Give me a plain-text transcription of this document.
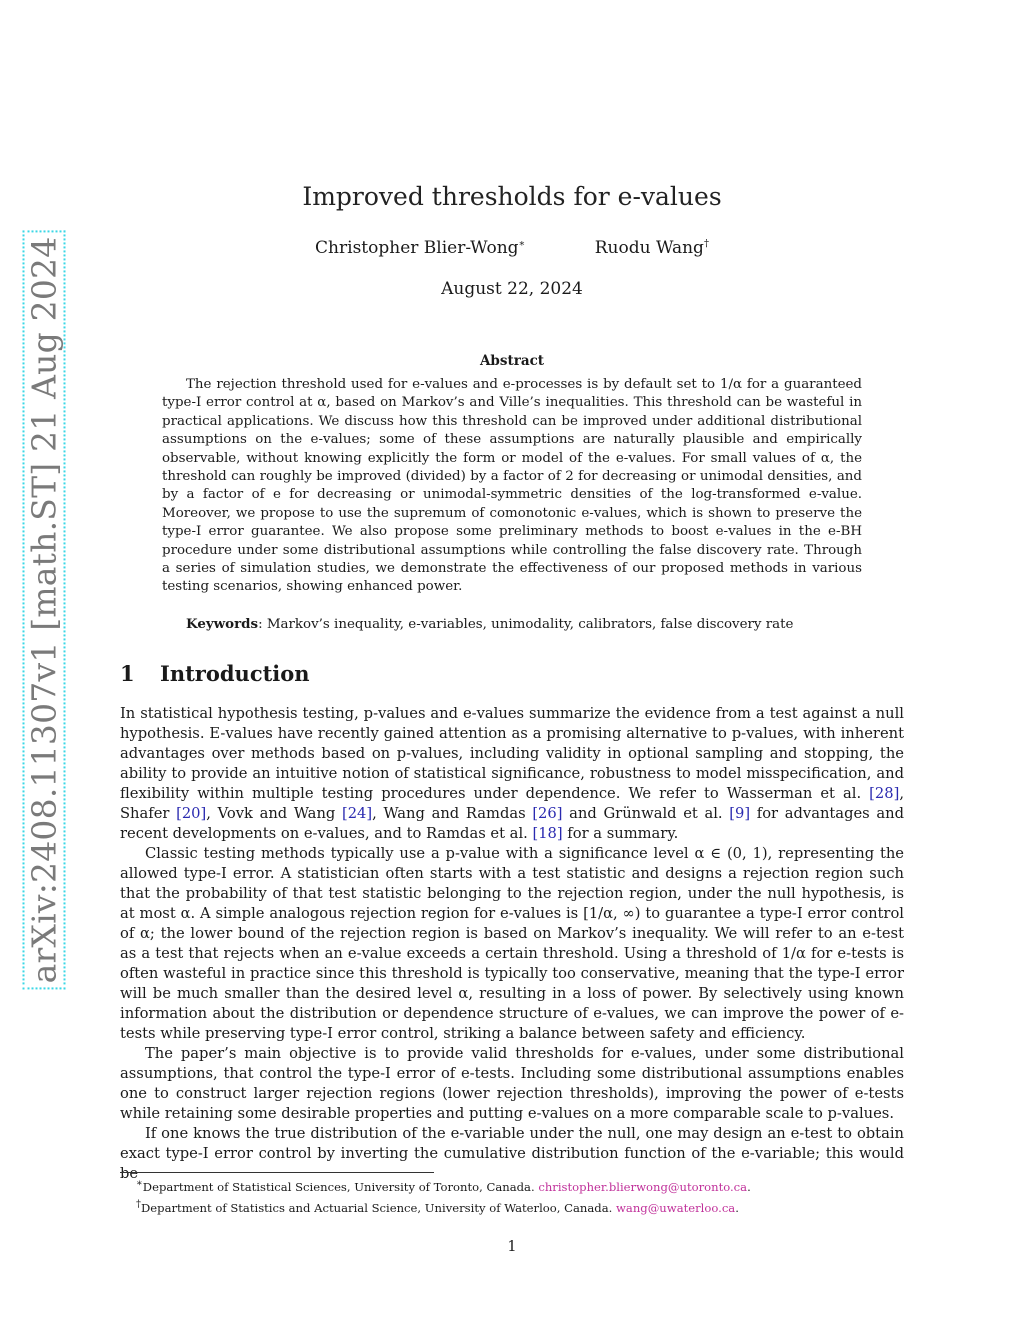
arXiv:2408.11307v1 [math.ST] 21 Aug 2024
Improved thresholds for e-values
Christopher Blier-Wong∗	Ruodu Wang†
August 22, 2024
Abstract
The rejection threshold used for e-values and e-processes is by default set to 1/α for a guaranteed type-I error control at α, based on Markov’s and Ville’s inequalities. This threshold can be wasteful in practical applications. We discuss how this threshold can be improved under additional distributional assumptions on the e-values; some of these assumptions are naturally plausible and empirically observable, without knowing explicitly the form or model of the e-values. For small values of α, the threshold can roughly be improved (divided) by a factor of 2 for decreasing or unimodal densities, and by a factor of e for decreasing or unimodal-symmetric densities of the log-transformed e-value. Moreover, we propose to use the supremum of comonotonic e-values, which is shown to preserve the type-I error guarantee. We also propose some preliminary methods to boost e-values in the e-BH procedure under some distributional assumptions while controlling the false discovery rate. Through a series of simulation studies, we demonstrate the effectiveness of our proposed methods in various testing scenarios, showing enhanced power.
Keywords: Markov’s inequality, e-variables, unimodality, calibrators, false discovery rate
1 Introduction

In statistical hypothesis testing, p-values and e-values summarize the evidence from a test against a null hypothesis. E-values have recently gained attention as a promising alternative to p-values, with inherent advantages over methods based on p-values, including validity in optional sampling and stopping, the ability to provide an intuitive notion of statistical significance, robustness to model misspecification, and flexibility within multiple testing procedures under dependence. We refer to Wasserman et al. [28], Shafer [20], Vovk and Wang [24], Wang and Ramdas [26] and Grünwald et al. [9] for advantages and recent developments on e-values, and to Ramdas et al. [18] for a summary.

Classic testing methods typically use a p-value with a significance level α ∈ (0, 1), representing the allowed type-I error. A statistician often starts with a test statistic and designs a rejection region such that the probability of that test statistic belonging to the rejection region, under the null hypothesis, is at most α. A simple analogous rejection region for e-values is [1/α, ∞) to guarantee a type-I error control of α; the lower bound of the rejection region is based on Markov’s inequality. We will refer to an e-test as a test that rejects when an e-value exceeds a certain threshold. Using a threshold of 1/α for e-tests is often wasteful in practice since this threshold is typically too conservative, meaning that the type-I error will be much smaller than the desired level α, resulting in a loss of power. By selectively using known information about the distribution or dependence structure of e-values, we can improve the power of e-tests while preserving type-I error control, striking a balance between safety and efficiency.

The paper’s main objective is to provide valid thresholds for e-values, under some distributional assumptions, that control the type-I error of e-tests. Including some distributional assumptions enables one to construct larger rejection regions (lower rejection thresholds), improving the power of e-tests while retaining some desirable properties and putting e-values on a more comparable scale to p-values.

If one knows the true distribution of the e-variable under the null, one may design an e-test to obtain exact type-I error control by inverting the cumulative distribution function of the e-variable; this would be

∗Department of Statistical Sciences, University of Toronto, Canada. christopher.blierwong@utoronto.ca.
†Department of Statistics and Actuarial Science, University of Waterloo, Canada. wang@uwaterloo.ca.
1
